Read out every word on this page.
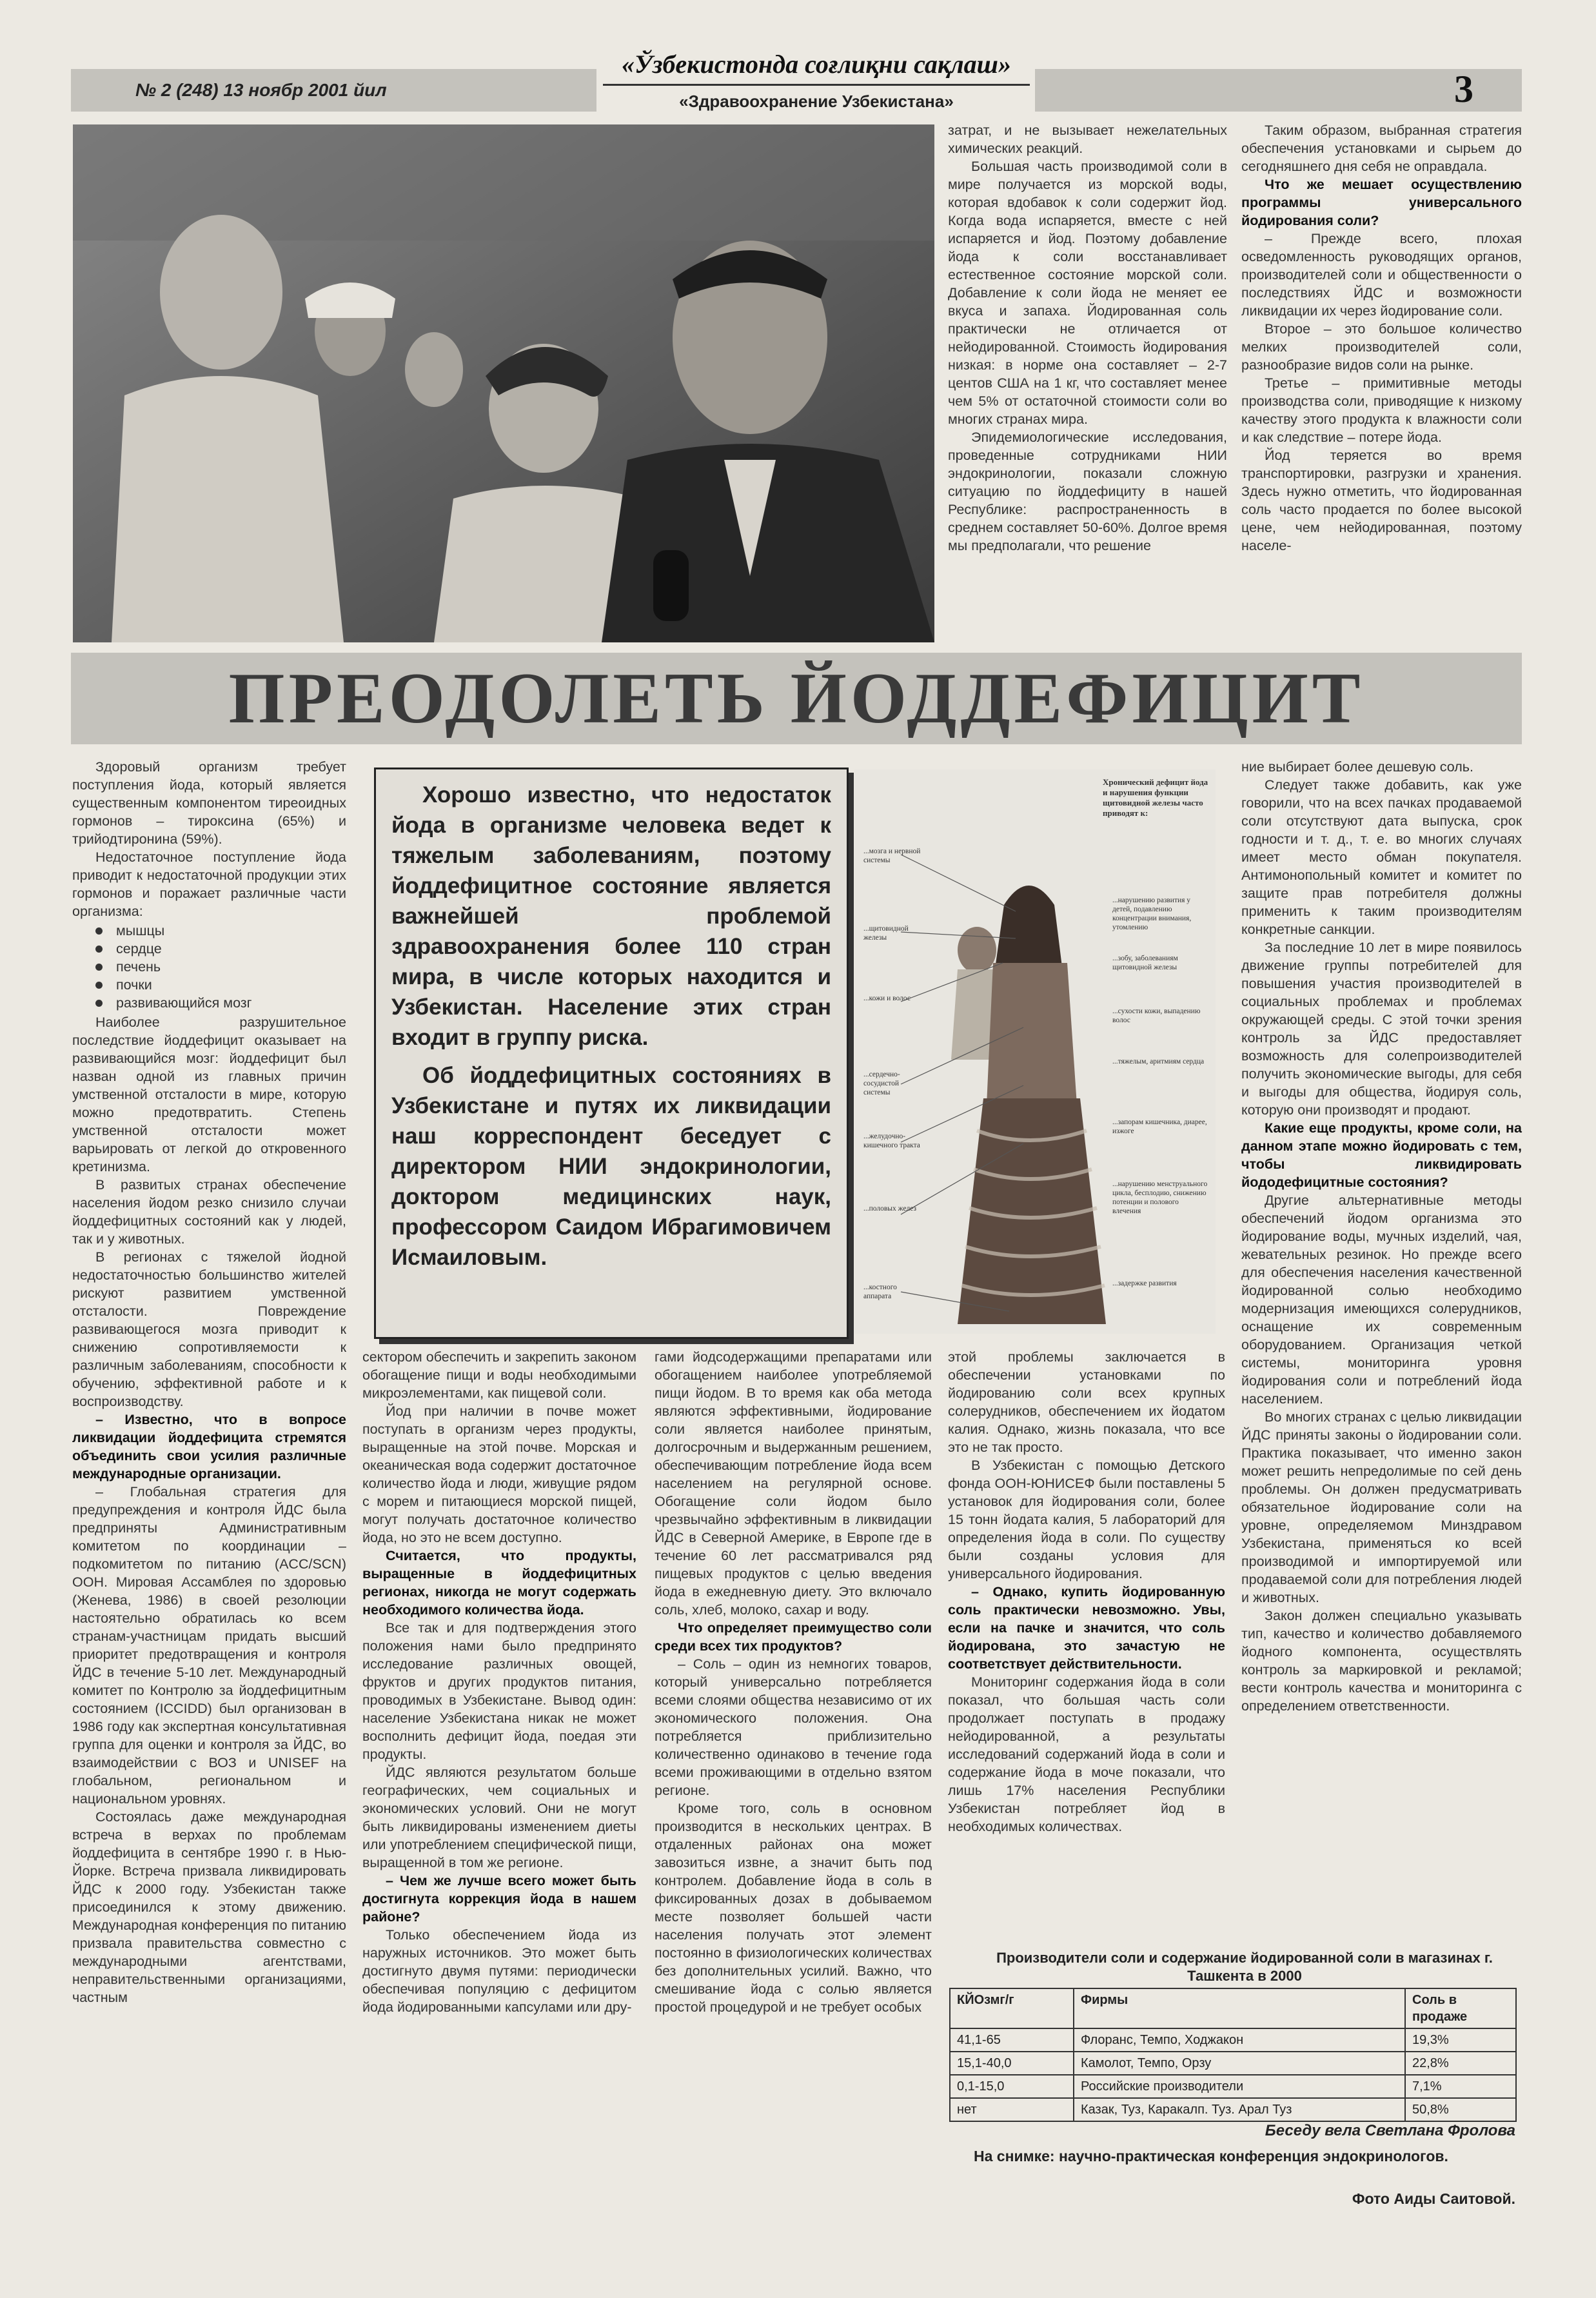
№ 2 (248) 13 ноябр 2001 йил
«Ўзбекистонда соғлиқни сақлаш»
«Здравоохранение Узбекистана»	3

затрат, и не вызывает нежелательных химических реакций.

Большая часть производимой соли в мире получается из морской воды, которая вдобавок к соли содержит йод. Когда вода испаряется, вместе с ней испаряется и йод. Поэтому добавление йода к соли восстанавливает естественное состояние морской соли. Добавление к соли йода не меняет ее вкуса и запаха. Йодированная соль практически не отличается от нейодированной. Стоимость йодирования низкая: в норме она составляет – 2-7 центов США на 1 кг, что составляет менее чем 5% от остаточной стоимости соли во многих странах мира.

Эпидемиологические исследования, проведенные сотрудниками НИИ эндокринологии, показали сложную ситуацию по йоддефициту в нашей Республике: распространенность в среднем составляет 50-60%. Долгое время мы предполагали, что решение

Таким образом, выбранная стратегия обеспечения установками и сырьем до сегодняшнего дня себя не оправдала.

Что же мешает осуществлению программы универсального йодирования соли?

– Прежде всего, плохая осведомленность руководящих органов, производителей соли и общественности о последствиях ЙДС и возможности ликвидации их через йодирование соли.

Второе – это большое количество мелких производителей соли, разнообразие видов соли на рынке.

Третье – примитивные методы производства соли, приводящие к низкому качеству этого продукта к влажности соли и как следствие – потере йода.

Йод теряется во время транспортировки, разгрузки и хранения. Здесь нужно отметить, что йодированная соль часто продается по более высокой цене, чем нейодированная, поэтому населе-

ПРЕОДОЛЕТЬ ЙОДДЕФИЦИТ

Здоровый организм требует поступления йода, который является существенным компонентом тиреоидных гормонов – тироксина (65%) и трийодтиронина (59%).

Недостаточное поступление йода приводит к недостаточной продукции этих гормонов и поражает различные части организма:

мышцы
сердце
печень
почки
развивающийся мозг

Наиболее разрушительное последствие йоддефицит оказывает на развивающийся мозг: йоддефицит был назван одной из главных причин умственной отсталости в мире, которую можно предотвратить. Степень умственной отсталости может варьировать от легкой до откровенного кретинизма.

В развитых странах обеспечение населения йодом резко снизило случаи йоддефицитных состояний как у людей, так и у животных.

В регионах с тяжелой йодной недостаточностью большинство жителей рискуют развитием умственной отсталости. Повреждение развивающегося мозга приводит к снижению сопротивляемости к различным заболеваниям, способности к обучению, эффективной работе и к воспроизводству.

– Известно, что в вопросе ликвидации йоддефицита стремятся объединить свои усилия различные международные организации.

– Глобальная стратегия для предупреждения и контроля ЙДС была предприняты Административным комитетом по координации – подкомитетом по питанию (ACC/SCN) ООН. Мировая Ассамблея по здоровью (Женева, 1986) в своей резолюции настоятельно обратилась ко всем странам-участницам придать высший приоритет предотвращения и контроля ЙДС в течение 5-10 лет. Международный комитет по Контролю за йоддефицитным состоянием (ICCIDD) был организован в 1986 году как экспертная консультативная группа для оценки и контроля за ЙДС, во взаимодействии с ВОЗ и UNISEF на глобальном, региональном и национальном уровнях.

Состоялась даже международная встреча в верхах по проблемам йоддефицита в сентябре 1990 г. в Нью-Йорке. Встреча призвала ликвидировать ЙДС к 2000 году. Узбекистан также присоединился к этому движению. Международная конференция по питанию призвала правительства совместно с международными агентствами, неправительственными организациями, частным

Хорошо известно, что недостаток йода в организме человека ведет к тяжелым заболеваниям, поэтому йоддефицитное состояние является важнейшей проблемой здравоохранения более 110 стран мира, в числе которых находится и Узбекистан. Население этих стран входит в группу риска.

Об йоддефицитных состояниях в Узбекистане и путях их ликвидации наш корреспондент беседует с директором НИИ эндокринологии, доктором медицинских наук, профессором Саидом Ибрагимовичем Исмаиловым.

Хронический дефицит йода и нарушения функции щитовидной железы часто приводят к:
...мозга и нервной системы
...щитовидной железы
...кожи и волос
...сердечно-сосудистой системы
...желудочно-кишечного тракта
...половых желез
...костного аппарата
...нарушению развития у детей, подавлению концентрации внимания, утомлению
...зобу, заболеваниям щитовидной железы
...сухости кожи, выпадению волос
...тяжелым, аритмиям сердца
...запорам кишечника, диарее, изжоге
...нарушению менструального цикла, бесплодию, снижению потенции и полового влечения
...задержке развития

сектором обеспечить и закрепить законом обогащение пищи и воды необходимыми микроэлементами, как пищевой соли.

Йод при наличии в почве может поступать в организм через продукты, выращенные на этой почве. Морская и океаническая вода содержит достаточное количество йода и люди, живущие рядом с морем и питающиеся морской пищей, могут получать достаточное количество йода, но это не всем доступно.

Считается, что продукты, выращенные в йоддефицитных регионах, никогда не могут содержать необходимого количества йода.

Все так и для подтверждения этого положения нами было предпринято исследование различных овощей, фруктов и других продуктов питания, проводимых в Узбекистане. Вывод один: население Узбекистана никак не может восполнить дефицит йода, поедая эти продукты.

ЙДС являются результатом больше географических, чем социальных и экономических условий. Они не могут быть ликвидированы изменением диеты или употреблением специфической пищи, выращенной в том же регионе.

– Чем же лучше всего может быть достигнута коррекция йода в нашем районе?

Только обеспечением йода из наружных источников. Это может быть достигнуто двумя путями: периодически обеспечивая популяцию с дефицитом йода йодированными капсулами или дру-

гами йодсодержащими препаратами или обогащением наиболее употребляемой пищи йодом. В то время как оба метода являются эффективными, йодирование соли является наиболее принятым, долгосрочным и выдержанным решением, обеспечивающим потребление йода всем населением на регулярной основе. Обогащение соли йодом было чрезвычайно эффективным в ликвидации ЙДС в Северной Америке, в Европе где в течение 60 лет рассматривался ряд пищевых продуктов с целью введения йода в ежедневную диету. Это включало соль, хлеб, молоко, сахар и воду.

Что определяет преимущество соли среди всех тих продуктов?

– Соль – один из немногих товаров, который универсально потребляется всеми слоями общества независимо от их экономического положения. Она потребляется приблизительно количественно одинаково в течение года всеми проживающими в отдельно взятом регионе.

Кроме того, соль в основном производится в нескольких центрах. В отдаленных районах она может завозиться извне, а значит быть под контролем. Добавление йода в соль в фиксированных дозах в добываемом месте позволяет большей части населения получать этот элемент постоянно в физиологических количествах без дополнительных усилий. Важно, что смешивание йода с солью является простой процедурой и не требует особых

этой проблемы заключается в обеспечении установками по йодированию соли всех крупных солерудников, обеспечением их йодатом калия. Однако, жизнь показала, что все это не так просто.

В Узбекистан с помощью Детского фонда ООН-ЮНИСЕФ были поставлены 5 установок для йодирования соли, более 15 тонн йодата калия, 5 лабораторий для определения йода в соли. По существу были созданы условия для универсального йодирования.

– Однако, купить йодированную соль практически невозможно. Увы, если на пачке и значится, что соль йодирована, это зачастую не соответствует действительности.

Мониторинг содержания йода в соли показал, что большая часть соли продолжает поступать в продажу нейодированной, а результаты исследований содержаний йода в соли и содержание йода в моче показали, что лишь 17% населения Республики Узбекистан потребляет йод в необходимых количествах.

ние выбирает более дешевую соль.

Следует также добавить, как уже говорили, что на всех пачках продаваемой соли отсутствуют дата выпуска, срок годности и т. д., т. е. во многих случаях имеет место обман покупателя. Антимонопольный комитет и комитет по защите прав потребителя должны применить к таким производителям конкретные санкции.

За последние 10 лет в мире появилось движение группы потребителей для повышения участия производителей в социальных проблемах и проблемах окружающей среды. С этой точки зрения контроль за ЙДС предоставляет возможность для солепроизводителей получить экономические выгоды, для себя и выгоды для общества, йодируя соль, которую они производят и продают.

Какие еще продукты, кроме соли, на данном этапе можно йодировать с тем, чтобы ликвидировать йододефицитные состояния?

Другие альтернативные методы обеспечений йодом организма это йодирование воды, мучных изделий, чая, жевательных резинок. Но прежде всего для обеспечения населения качественной йодированной солью необходимо модернизация имеющихся солерудников, оснащение их современным оборудованием. Организация четкой системы, мониторинга уровня йодирования соли и потреблений йода населением.

Во многих странах с целью ликвидации ЙДС приняты законы о йодировании соли. Практика показывает, что именно закон может решить непредолимые по сей день проблемы. Он должен предусматривать обязательное йодирование соли на уровне, определяемом Минздравом Узбекистана, применяться ко всей производимой и импортируемой или продаваемой соли для потребления людей и животных.

Закон должен специально указывать тип, качество и количество добавляемого йодного компонента, осуществлять контроль за маркировкой и рекламой; вести контроль качества и мониторинга с определением ответственности.

Производители соли и содержание йодированной соли в магазинах г. Ташкента в 2000
КЙОзмг/г	Фирмы	Соль в продаже
41,1-65	Флоранс, Темпо, Ходжакон	19,3%
15,1-40,0	Камолот, Темпо, Орзу	22,8%
0,1-15,0	Российские производители	7,1%
нет	Казак, Туз, Каракалп. Туз. Арал Туз	50,8%
Беседу вела Светлана Фролова
На снимке: научно-практическая конференция эндокринологов.
Фото Аиды Саитовой.
